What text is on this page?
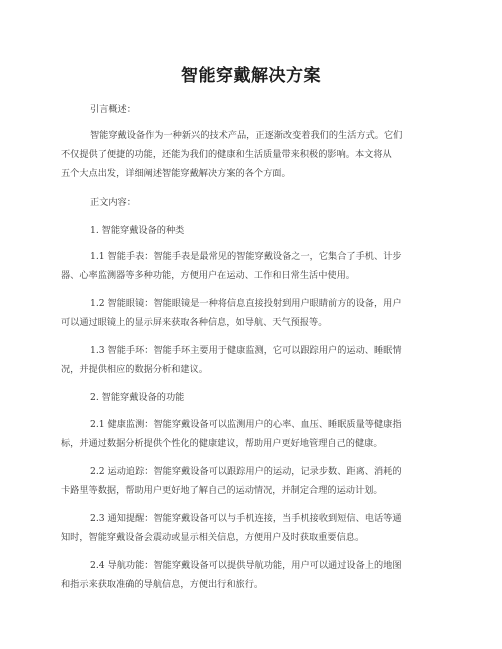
智能穿戴解决方案
引言概述：
智能穿戴设备作为一种新兴的技术产品，正逐渐改变着我们的生活方式。它们
不仅提供了便捷的功能，还能为我们的健康和生活质量带来积极的影响。本文将从
五个大点出发，详细阐述智能穿戴解决方案的各个方面。
正文内容：
1. 智能穿戴设备的种类
1.1 智能手表：智能手表是最常见的智能穿戴设备之一，它集合了手机、计步
器、心率监测器等多种功能，方便用户在运动、工作和日常生活中使用。
1.2 智能眼镜：智能眼镜是一种将信息直接投射到用户眼睛前方的设备，用户
可以通过眼镜上的显示屏来获取各种信息，如导航、天气预报等。
1.3 智能手环：智能手环主要用于健康监测，它可以跟踪用户的运动、睡眠情
况，并提供相应的数据分析和建议。
2. 智能穿戴设备的功能
2.1 健康监测：智能穿戴设备可以监测用户的心率、血压、睡眠质量等健康指
标，并通过数据分析提供个性化的健康建议，帮助用户更好地管理自己的健康。
2.2 运动追踪：智能穿戴设备可以跟踪用户的运动，记录步数、距离、消耗的
卡路里等数据，帮助用户更好地了解自己的运动情况，并制定合理的运动计划。
2.3 通知提醒：智能穿戴设备可以与手机连接，当手机接收到短信、电话等通
知时，智能穿戴设备会震动或显示相关信息，方便用户及时获取重要信息。
2.4 导航功能：智能穿戴设备可以提供导航功能，用户可以通过设备上的地图
和指示来获取准确的导航信息，方便出行和旅行。
